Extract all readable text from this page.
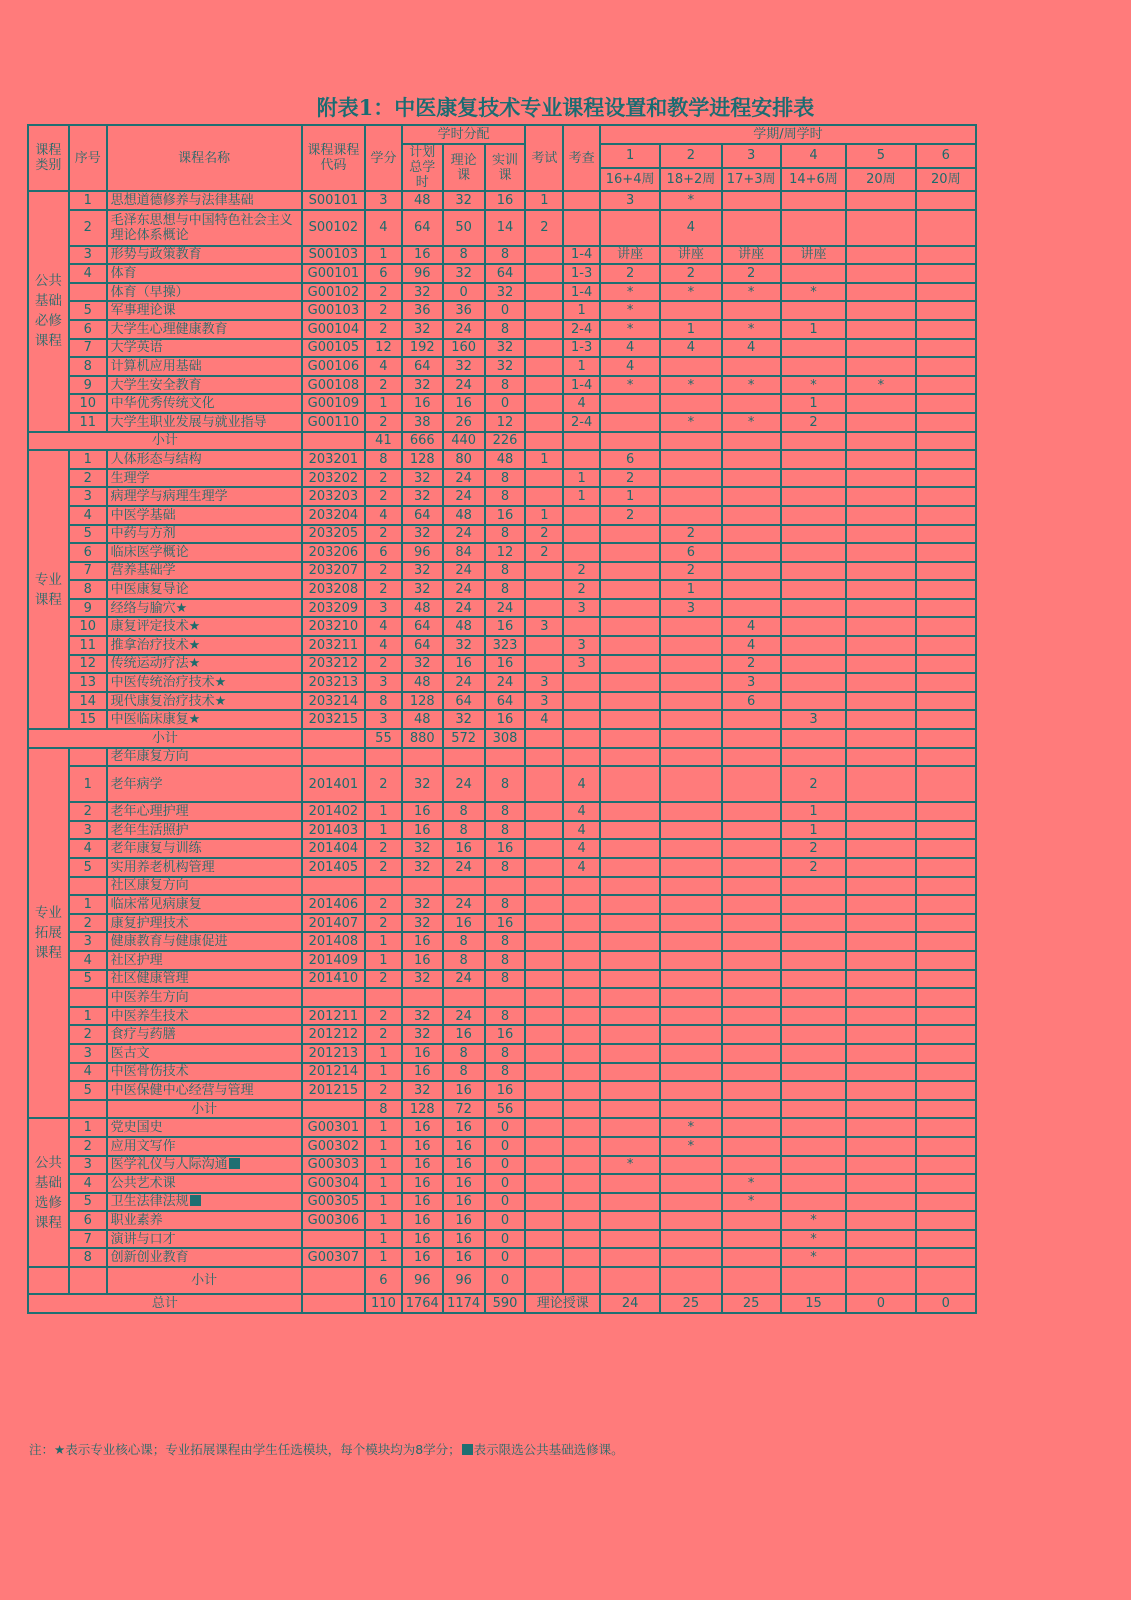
附表1：中医康复技术专业课程设置和教学进程安排表
课程类别	序号	课程名称	课程课程代码	学分	学时分配			考试	考查	学期/周学时					
					计划总学时	理论课	实训课			1	2	3	4	5	6
										16+4周	18+2周	17+3周	14+6周	20周	20周
公共基础必修课程	1	思想道德修养与法律基础	S00101	3	48	32	16	1		3	*				
	2	毛泽东思想与中国特色社会主义理论体系概论	S00102	4	64	50	14	2			4				
	3	形势与政策教育	S00103	1	16	8	8		1-4	讲座	讲座	讲座	讲座		
	4	体育	G00101	6	96	32	64		1-3	2	2	2			
		体育（早操）	G00102	2	32	0	32		1-4	*	*	*	*		
	5	军事理论课	G00103	2	36	36	0		1	*					
	6	大学生心理健康教育	G00104	2	32	24	8		2-4	*	1	*	1		
	7	大学英语	G00105	12	192	160	32		1-3	4	4	4			
	8	计算机应用基础	G00106	4	64	32	32		1	4					
	9	大学生安全教育	G00108	2	32	24	8		1-4	*	*	*	*	*	
	10	中华优秀传统文化	G00109	1	16	16	0		4				1		
	11	大学生职业发展与就业指导	G00110	2	38	26	12		2-4		*	*	2		
小计				41	666	440	226								
专业课程	1	人体形态与结构	203201	8	128	80	48	1		6					
	2	生理学	203202	2	32	24	8		1	2					
	3	病理学与病理生理学	203203	2	32	24	8		1	1					
	4	中医学基础	203204	4	64	48	16	1		2					
	5	中药与方剂	203205	2	32	24	8	2			2				
	6	临床医学概论	203206	6	96	84	12	2			6				
	7	营养基础学	203207	2	32	24	8		2		2				
	8	中医康复导论	203208	2	32	24	8		2		1				
	9	经络与腧穴★	203209	3	48	24	24		3		3				
	10	康复评定技术★	203210	4	64	48	16	3				4			
	11	推拿治疗技术★	203211	4	64	32	323		3			4			
	12	传统运动疗法★	203212	2	32	16	16		3			2			
	13	中医传统治疗技术★	203213	3	48	24	24	3				3			
	14	现代康复治疗技术★	203214	8	128	64	64	3				6			
	15	中医临床康复★	203215	3	48	32	16	4					3		
小计				55	880	572	308								
专业拓展课程		老年康复方向													
	1	老年病学	201401	2	32	24	8		4				2		
	2	老年心理护理	201402	1	16	8	8		4				1		
	3	老年生活照护	201403	1	16	8	8		4				1		
	4	老年康复与训练	201404	2	32	16	16		4				2		
	5	实用养老机构管理	201405	2	32	24	8		4				2		
		社区康复方向													
	1	临床常见病康复	201406	2	32	24	8								
	2	康复护理技术	201407	2	32	16	16								
	3	健康教育与健康促进	201408	1	16	8	8								
	4	社区护理	201409	1	16	8	8								
	5	社区健康管理	201410	2	32	24	8								
		中医养生方向													
	1	中医养生技术	201211	2	32	24	8								
	2	食疗与药膳	201212	2	32	16	16								
	3	医古文	201213	1	16	8	8								
	4	中医骨伤技术	201214	1	16	8	8								
	5	中医保健中心经营与管理	201215	2	32	16	16								
		小计		8	128	72	56								
公共基础选修课程	1	党史国史	G00301	1	16	16	0				*				
	2	应用文写作	G00302	1	16	16	0				*				
	3	医学礼仪与人际沟通	G00303	1	16	16	0			*					
	4	公共艺术课	G00304	1	16	16	0					*			
	5	卫生法律法规	G00305	1	16	16	0					*			
	6	职业素养	G00306	1	16	16	0						*		
	7	演讲与口才		1	16	16	0						*		
	8	创新创业教育	G00307	1	16	16	0						*		
		小计		6	96	96	0								
总计				110	1764	1174	590	理论授课		24	25	25	15	0	0
注：★表示专业核心课；专业拓展课程由学生任选模块，每个模块均为8学分； 表示限选公共基础选修课。
